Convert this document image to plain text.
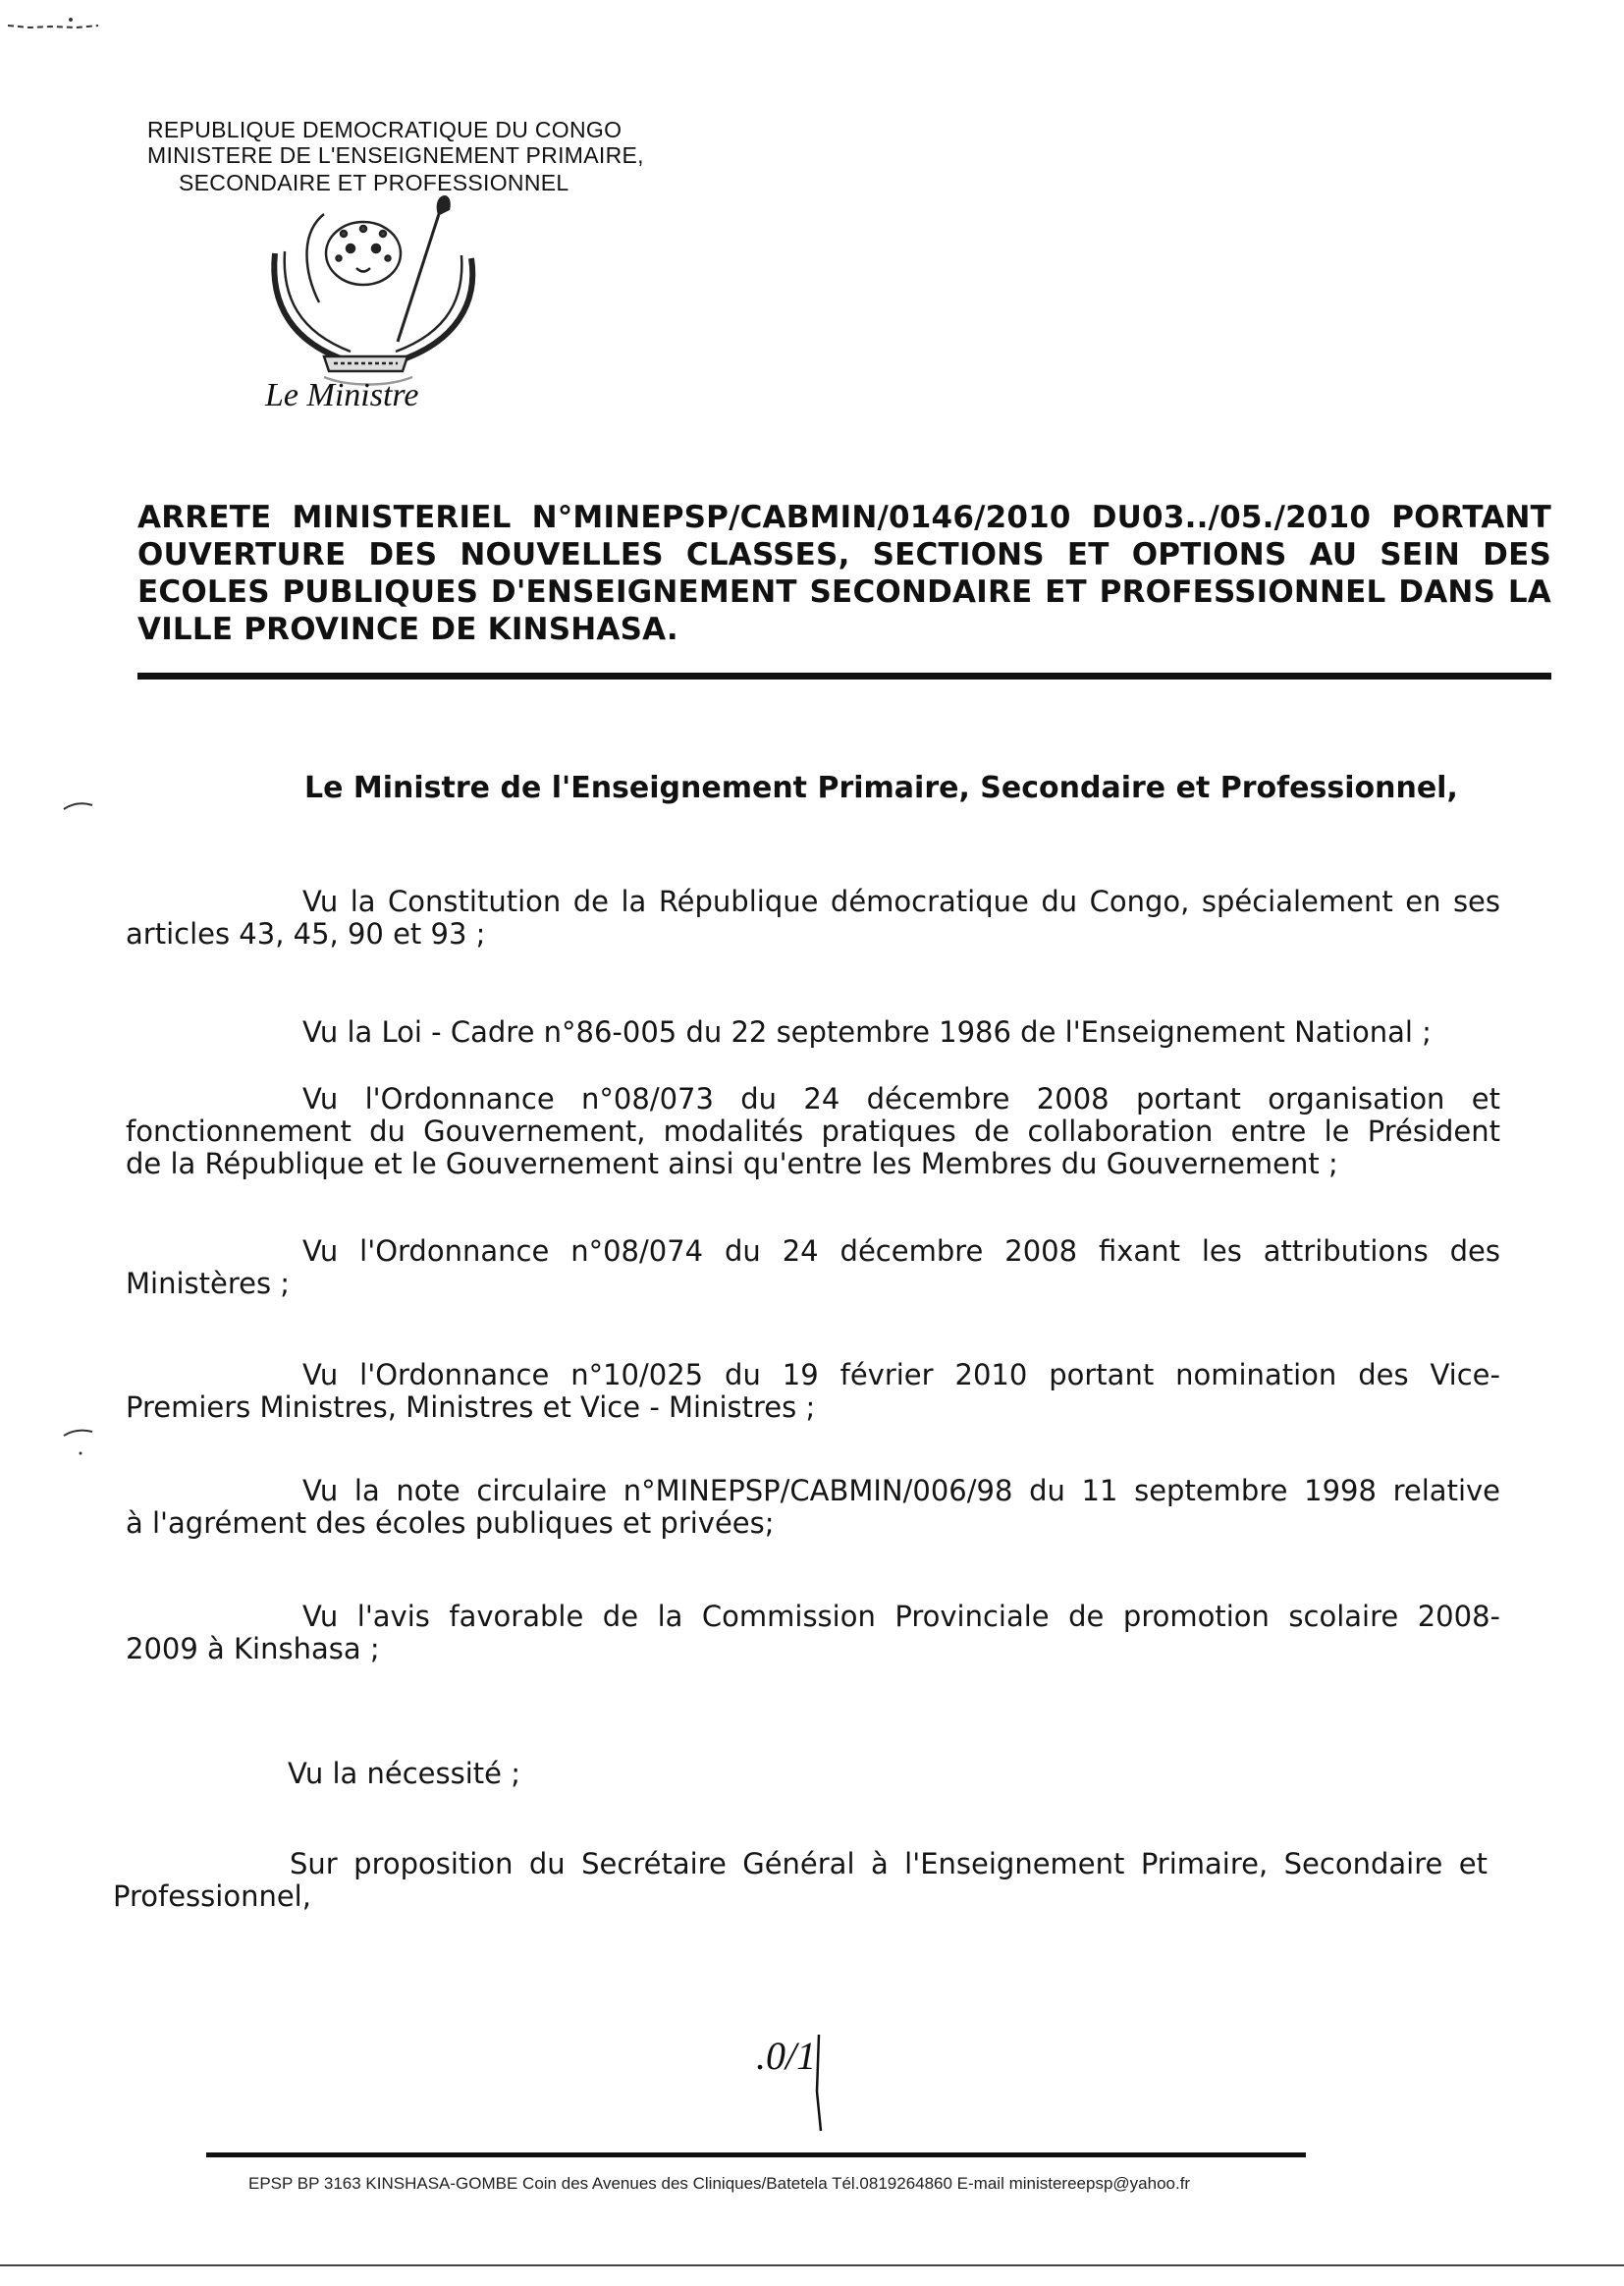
REPUBLIQUE DEMOCRATIQUE DU CONGO
MINISTERE DE L'ENSEIGNEMENT PRIMAIRE,
SECONDAIRE ET PROFESSIONNEL
Le Ministre
ARRETE MINISTERIEL N°MINEPSP/CABMIN/0146/2010 DU03../05./2010 PORTANT
OUVERTURE DES NOUVELLES CLASSES, SECTIONS ET OPTIONS AU SEIN DES
ECOLES PUBLIQUES D'ENSEIGNEMENT SECONDAIRE ET PROFESSIONNEL DANS LA
VILLE PROVINCE DE KINSHASA.
Le Ministre de l'Enseignement Primaire, Secondaire et Professionnel,
Vu la Constitution de la République démocratique du Congo, spécialement en ses
articles 43, 45, 90 et 93 ;
Vu la Loi - Cadre n°86-005 du 22 septembre 1986 de l'Enseignement National ;
Vu l'Ordonnance n°08/073 du 24 décembre 2008 portant organisation et
fonctionnement du Gouvernement, modalités pratiques de collaboration entre le Président
de la République et le Gouvernement ainsi qu'entre les Membres du Gouvernement ;
Vu l'Ordonnance n°08/074 du 24 décembre 2008 fixant les attributions des
Ministères ;
Vu l'Ordonnance n°10/025 du 19 février 2010 portant nomination des Vice-
Premiers Ministres, Ministres et Vice - Ministres ;
Vu la note circulaire n°MINEPSP/CABMIN/006/98 du 11 septembre 1998 relative
à l'agrément des écoles publiques et privées;
Vu l'avis favorable de la Commission Provinciale de promotion scolaire 2008-
2009 à Kinshasa ;
Vu la nécessité ;
Sur proposition du Secrétaire Général à l'Enseignement Primaire, Secondaire et
Professionnel,
.0/1
EPSP BP 3163 KINSHASA-GOMBE Coin des Avenues des Cliniques/Batetela Tél.0819264860 E-mail ministereepsp@yahoo.fr
